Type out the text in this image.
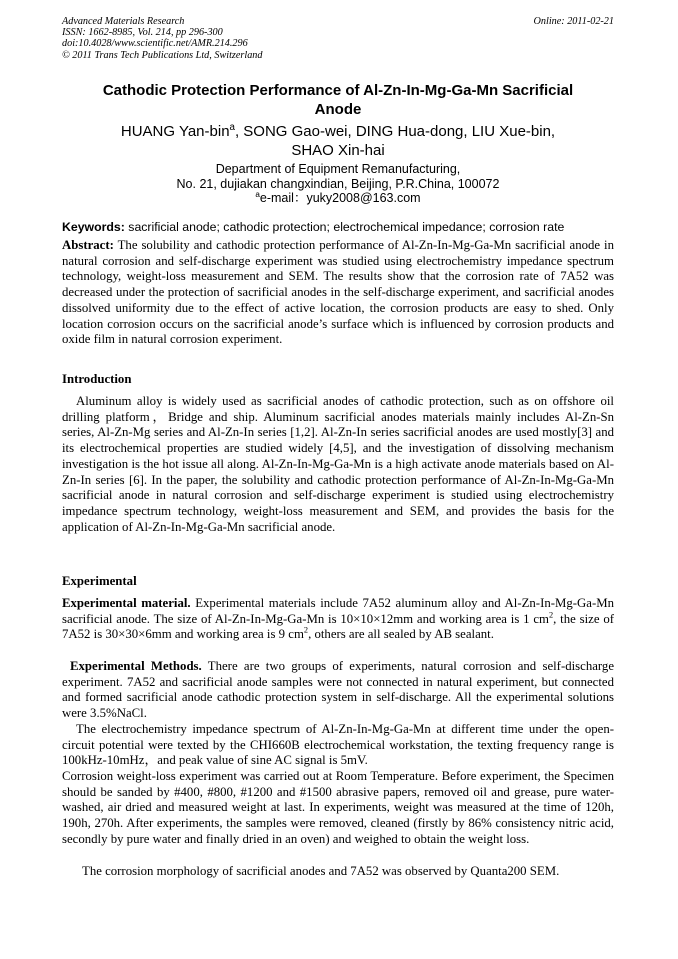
Advanced Materials Research
ISSN: 1662-8985, Vol. 214, pp 296-300
doi:10.4028/www.scientific.net/AMR.214.296
© 2011 Trans Tech Publications Ltd, Switzerland
Online: 2011-02-21
Cathodic Protection Performance of Al-Zn-In-Mg-Ga-Mn Sacrificial
Anode
HUANG Yan-bin$^a$, SONG Gao-wei, DING Hua-dong, LIU Xue-bin,
SHAO Xin-hai
Department of Equipment Remanufacturing,
No. 21, dujiakan changxindian, Beijing, P.R.China, 100072
$^a$e-mail：yuky2008@163.com
Keywords: sacrificial anode; cathodic protection; electrochemical impedance; corrosion rate
Abstract: The solubility and cathodic protection performance of Al-Zn-In-Mg-Ga-Mn sacrificial anode in natural corrosion and self-discharge experiment was studied using electrochemistry impedance spectrum technology, weight-loss measurement and SEM. The results show that the corrosion rate of 7A52 was decreased under the protection of sacrificial anodes in the self-discharge experiment, and sacrificial anodes dissolved uniformity due to the effect of active location, the corrosion products are easy to shed. Only location corrosion occurs on the sacrificial anode’s surface which is influenced by corrosion products and oxide film in natural corrosion experiment.
Introduction
Aluminum alloy is widely used as sacrificial anodes of cathodic protection, such as on offshore oil drilling platform，Bridge and ship. Aluminum sacrificial anodes materials mainly includes Al-Zn-Sn series, Al-Zn-Mg series and Al-Zn-In series [1,2]. Al-Zn-In series sacrificial anodes are used mostly[3] and its electrochemical properties are studied widely [4,5], and the investigation of dissolving mechanism investigation is the hot issue all along. Al-Zn-In-Mg-Ga-Mn is a high activate anode materials based on Al-Zn-In series [6]. In the paper, the solubility and cathodic protection performance of Al-Zn-In-Mg-Ga-Mn sacrificial anode in natural corrosion and self-discharge experiment is studied using electrochemistry impedance spectrum technology, weight-loss measurement and SEM, and provides the basis for the application of Al-Zn-In-Mg-Ga-Mn sacrificial anode.
Experimental
Experimental material. Experimental materials include 7A52 aluminum alloy and Al-Zn-In-Mg-Ga-Mn sacrificial anode. The size of Al-Zn-In-Mg-Ga-Mn is 10×10×12mm and working area is 1 $cm^2$, the size of 7A52 is 30×30×6mm and working area is 9 $cm^2$, others are all sealed by AB sealant.
Experimental Methods. There are two groups of experiments, natural corrosion and self-discharge experiment. 7A52 and sacrificial anode samples were not connected in natural experiment, but connected and formed sacrificial anode cathodic protection system in self-discharge. All the experimental solutions were 3.5%NaCl.
The electrochemistry impedance spectrum of Al-Zn-In-Mg-Ga-Mn at different time under the open-circuit potential were texted by the CHI660B electrochemical workstation, the texting frequency range is 100kHz-10mHz，and peak value of sine AC signal is 5mV.
Corrosion weight-loss experiment was carried out at Room Temperature. Before experiment, the Specimen should be sanded by #400, #800, #1200 and #1500 abrasive papers, removed oil and grease, pure water-washed, air dried and measured weight at last. In experiments, weight was measured at the time of 120h, 190h, 270h. After experiments, the samples were removed, cleaned (firstly by 86% consistency nitric acid, secondly by pure water and finally dried in an oven) and weighed to obtain the weight loss.
The corrosion morphology of sacrificial anodes and 7A52 was observed by Quanta200 SEM.
